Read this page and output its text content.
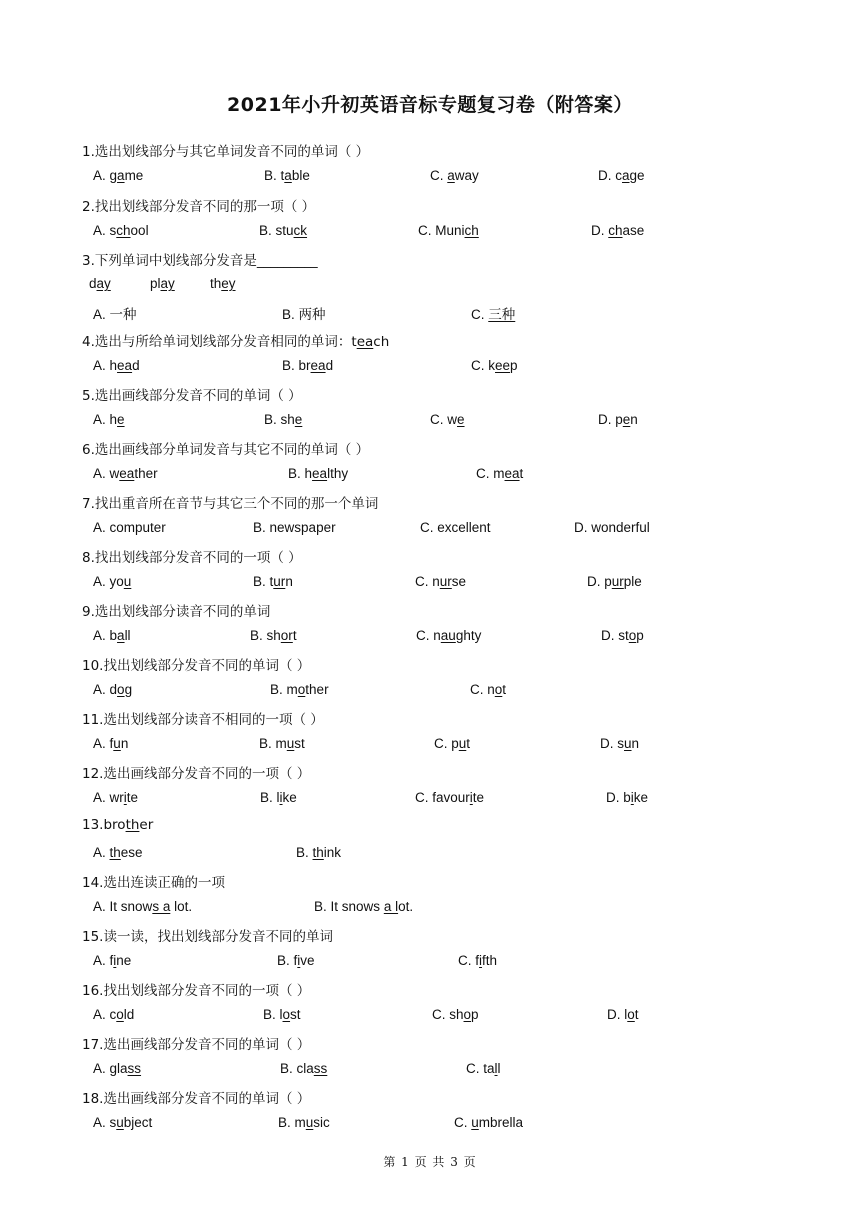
2021年小升初英语音标专题复习卷（附答案）
1.选出划线部分与其它单词发音不同的单词（ ）
A. game	B. table	C. away	D. cage
2.找出划线部分发音不同的那一项（ ）
A. school	B. stuck	C. Munich	D. chase
3.下列单词中划线部分发音是_________
day	play	they
A. 一种	B. 两种	C. 三种
4.选出与所给单词划线部分发音相同的单词：teach
A. head	B. bread	C. keep
5.选出画线部分发音不同的单词（ ）
A. he	B. she	C. we	D. pen
6.选出画线部分单词发音与其它不同的单词（ ）
A. weather	B. healthy	C. meat
7.找出重音所在音节与其它三个不同的那一个单词
A. computer	B. newspaper	C. excellent	D. wonderful
8.找出划线部分发音不同的一项（ ）
A. you	B. turn	C. nurse	D. purple
9.选出划线部分读音不同的单词
A. ball	B. short	C. naughty	D. stop
10.找出划线部分发音不同的单词（ ）
A. dog	B. mother	C. not
11.选出划线部分读音不相同的一项（ ）
A. fun	B. must	C. put	D. sun
12.选出画线部分发音不同的一项（ ）
A. write	B. like	C. favourite	D. bike
13.brother
A. these	B. think
14.选出连读正确的一项
A. It snows a lot.	B. It snows a lot.
15.读一读，找出划线部分发音不同的单词
A. fine	B. five	C. fifth
16.找出划线部分发音不同的一项（ ）
A. cold	B. lost	C. shop	D. lot
17.选出画线部分发音不同的单词（ ）
A. glass	B. class	C. tall
18.选出画线部分发音不同的单词（ ）
A. subject	B. music	C. umbrella
第 1 页 共 3 页
